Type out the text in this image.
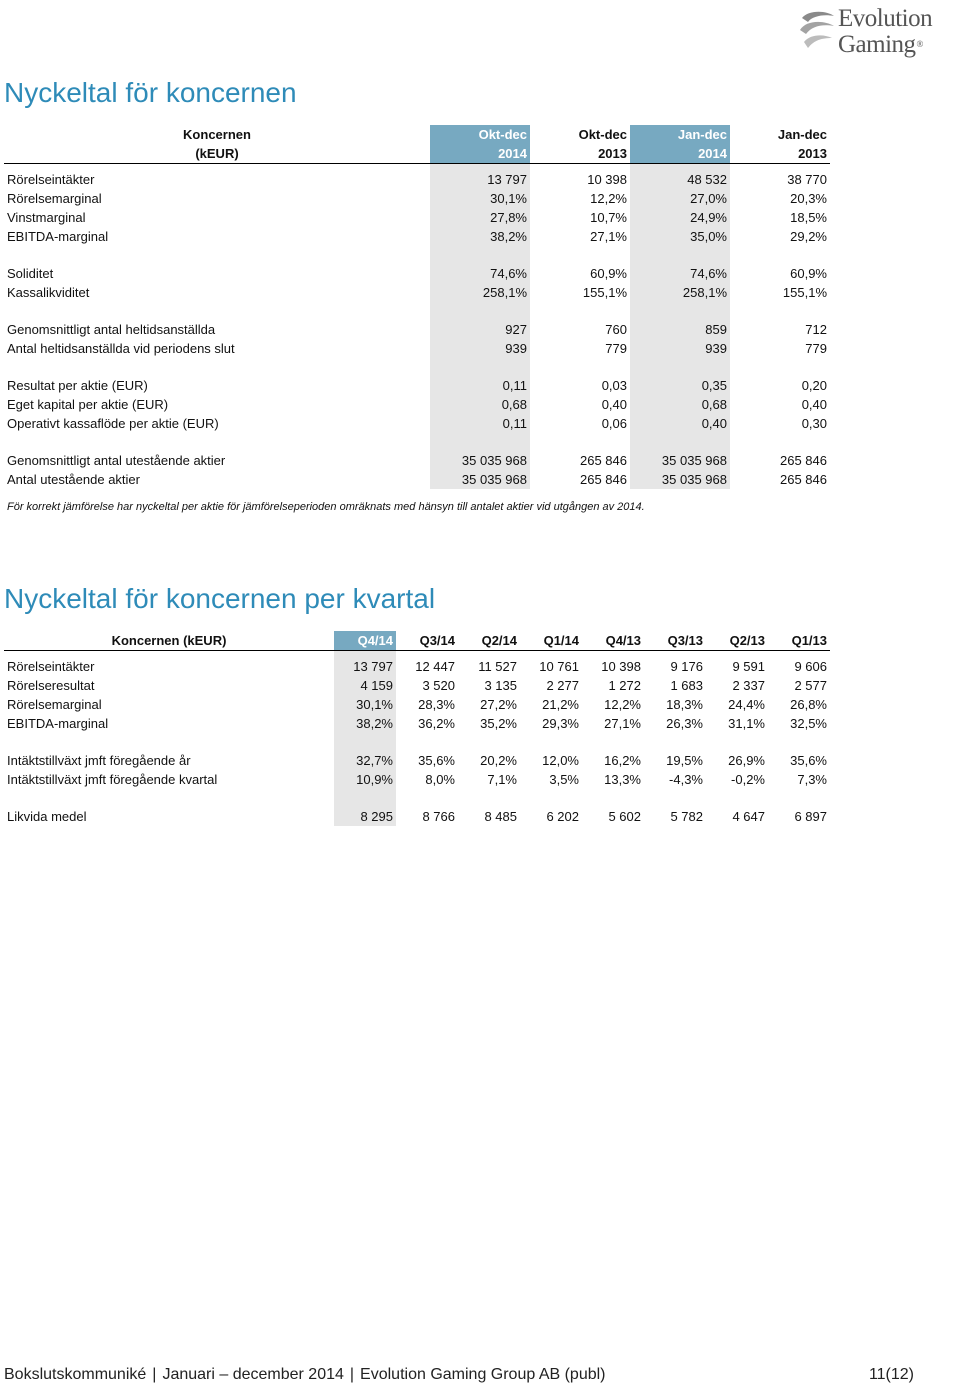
Evolution
Gaming®
Nyckeltal för koncernen
Koncernen	Okt-dec	Okt-dec	Jan-dec	Jan-dec
(kEUR)	2014	2013	2014	2013

Rörelseintäkter	13 797	10 398	48 532	38 770
Rörelsemarginal	30,1%	12,2%	27,0%	20,3%
Vinstmarginal	27,8%	10,7%	24,9%	18,5%
EBITDA-marginal	38,2%	27,1%	35,0%	29,2%

Soliditet	74,6%	60,9%	74,6%	60,9%
Kassalikviditet	258,1%	155,1%	258,1%	155,1%

Genomsnittligt antal heltidsanställda	927	760	859	712
Antal heltidsanställda vid periodens slut	939	779	939	779

Resultat per aktie (EUR)	0,11	0,03	0,35	0,20
Eget kapital per aktie (EUR)	0,68	0,40	0,68	0,40
Operativt kassaflöde per aktie (EUR)	0,11	0,06	0,40	0,30

Genomsnittligt antal utestående aktier	35 035 968	265 846	35 035 968	265 846
Antal utestående aktier	35 035 968	265 846	35 035 968	265 846
För korrekt jämförelse har nyckeltal per aktie för jämförelseperioden omräknats med hänsyn till antalet aktier vid utgången av 2014.
Nyckeltal för koncernen per kvartal
Koncernen (kEUR)	Q4/14	Q3/14	Q2/14	Q1/14	Q4/13	Q3/13	Q2/13	Q1/13

Rörelseintäkter	13 797	12 447	11 527	10 761	10 398	9 176	9 591	9 606
Rörelseresultat	4 159	3 520	3 135	2 277	1 272	1 683	2 337	2 577
Rörelsemarginal	30,1%	28,3%	27,2%	21,2%	12,2%	18,3%	24,4%	26,8%
EBITDA-marginal	38,2%	36,2%	35,2%	29,3%	27,1%	26,3%	31,1%	32,5%

Intäktstillväxt jmft föregående år	32,7%	35,6%	20,2%	12,0%	16,2%	19,5%	26,9%	35,6%
Intäktstillväxt jmft föregående kvartal	10,9%	8,0%	7,1%	3,5%	13,3%	-4,3%	-0,2%	7,3%

Likvida medel	8 295	8 766	8 485	6 202	5 602	5 782	4 647	6 897
Bokslutskommuniké | Januari – december 2014 | Evolution Gaming Group AB (publ)	11(12)
